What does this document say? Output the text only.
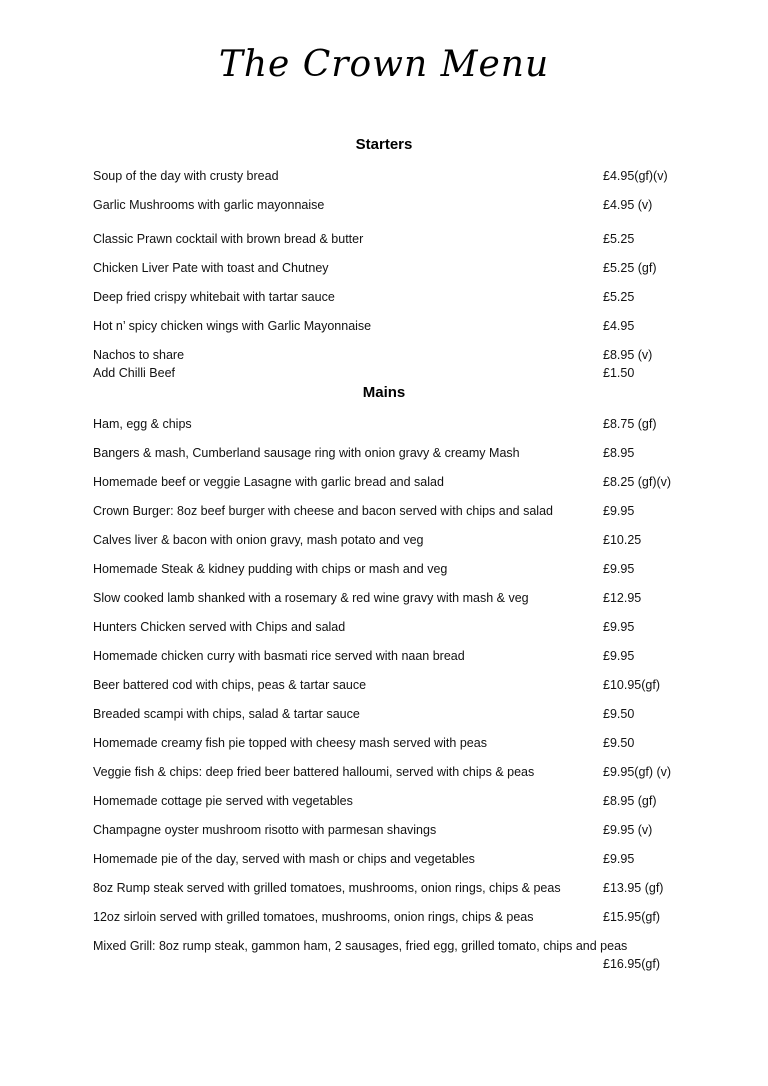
The Crown Menu
Starters
Soup of the day with crusty bread	£4.95(gf)(v)
Garlic Mushrooms with garlic mayonnaise	£4.95 (v)
Classic Prawn cocktail with brown bread & butter	£5.25
Chicken Liver Pate with toast and Chutney	£5.25 (gf)
Deep fried crispy whitebait with tartar sauce	£5.25
Hot n’ spicy chicken wings with Garlic Mayonnaise	£4.95
Nachos to share	£8.95 (v)
Add Chilli Beef	£1.50
Mains
Ham, egg & chips	£8.75 (gf)
Bangers & mash, Cumberland sausage ring with onion gravy & creamy Mash	£8.95
Homemade beef or veggie Lasagne with garlic bread and salad	£8.25 (gf)(v)
Crown Burger: 8oz beef burger with cheese and bacon served with chips and salad	£9.95
Calves liver & bacon with onion gravy, mash potato and veg	£10.25
Homemade Steak & kidney pudding with chips or mash and veg	£9.95
Slow cooked lamb shanked with a rosemary & red wine gravy with mash & veg	£12.95
Hunters Chicken served with Chips and salad	£9.95
Homemade chicken curry with basmati rice served with naan bread	£9.95
Beer battered cod with chips, peas & tartar sauce	£10.95(gf)
Breaded scampi with chips, salad & tartar sauce	£9.50
Homemade creamy fish pie topped with cheesy mash served with peas	£9.50
Veggie fish & chips: deep fried beer battered halloumi, served with chips & peas	£9.95(gf) (v)
Homemade cottage pie served with vegetables	£8.95 (gf)
Champagne oyster mushroom risotto with parmesan shavings	£9.95 (v)
Homemade pie of the day, served with mash or chips and vegetables	£9.95
8oz Rump steak served with grilled tomatoes, mushrooms, onion rings, chips & peas	£13.95 (gf)
12oz sirloin served with grilled tomatoes, mushrooms, onion rings, chips & peas	£15.95(gf)
Mixed Grill: 8oz rump steak, gammon ham, 2 sausages, fried egg, grilled tomato, chips and peas
£16.95(gf)
